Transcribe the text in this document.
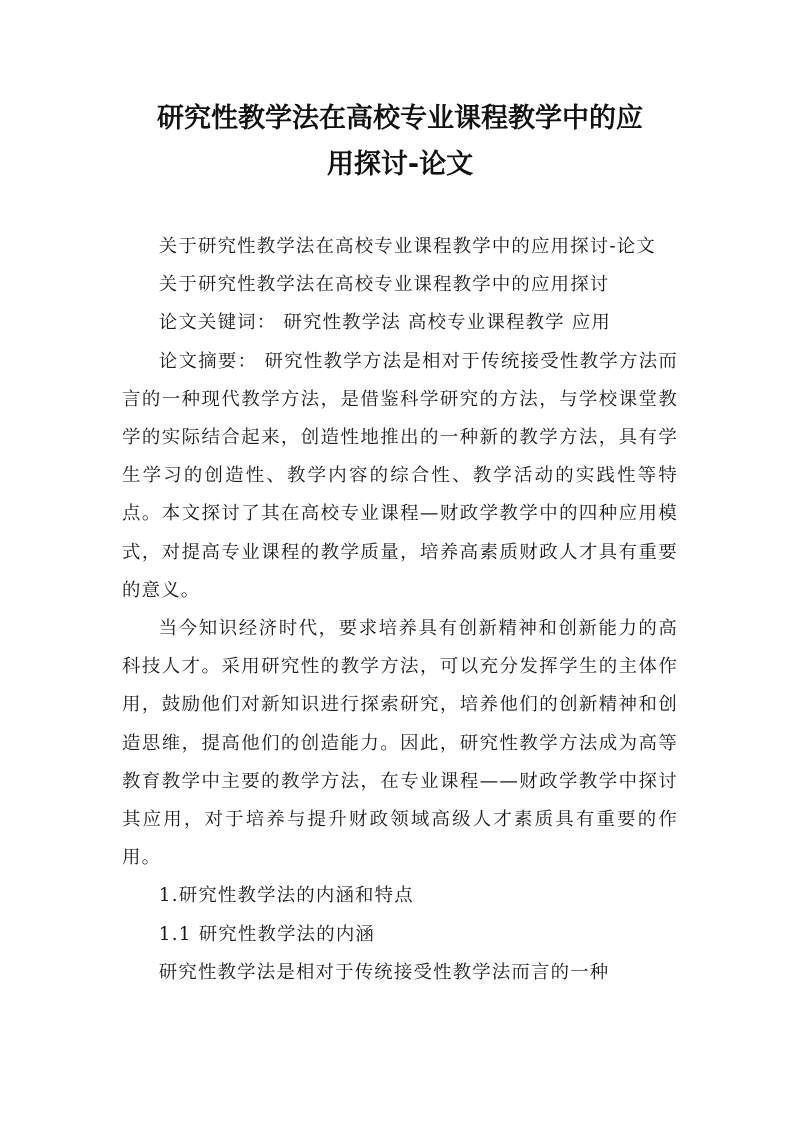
研究性教学法在高校专业课程教学中的应
用探讨-论文

关于研究性教学法在高校专业课程教学中的应用探讨-论文

关于研究性教学法在高校专业课程教学中的应用探讨

论文关键词： 研究性教学法 高校专业课程教学 应用

论文摘要： 研究性教学方法是相对于传统接受性教学方法而言的一种现代教学方法，是借鉴科学研究的方法，与学校课堂教学的实际结合起来，创造性地推出的一种新的教学方法，具有学生学习的创造性、教学内容的综合性、教学活动的实践性等特点。本文探讨了其在高校专业课程—财政学教学中的四种应用模式，对提高专业课程的教学质量，培养高素质财政人才具有重要的意义。

当今知识经济时代，要求培养具有创新精神和创新能力的高科技人才。采用研究性的教学方法，可以充分发挥学生的主体作用，鼓励他们对新知识进行探索研究，培养他们的创新精神和创造思维，提高他们的创造能力。因此，研究性教学方法成为高等教育教学中主要的教学方法，在专业课程——财政学教学中探讨其应用，对于培养与提升财政领域高级人才素质具有重要的作用。

1.研究性教学法的内涵和特点

1.1 研究性教学法的内涵

研究性教学法是相对于传统接受性教学法而言的一种
